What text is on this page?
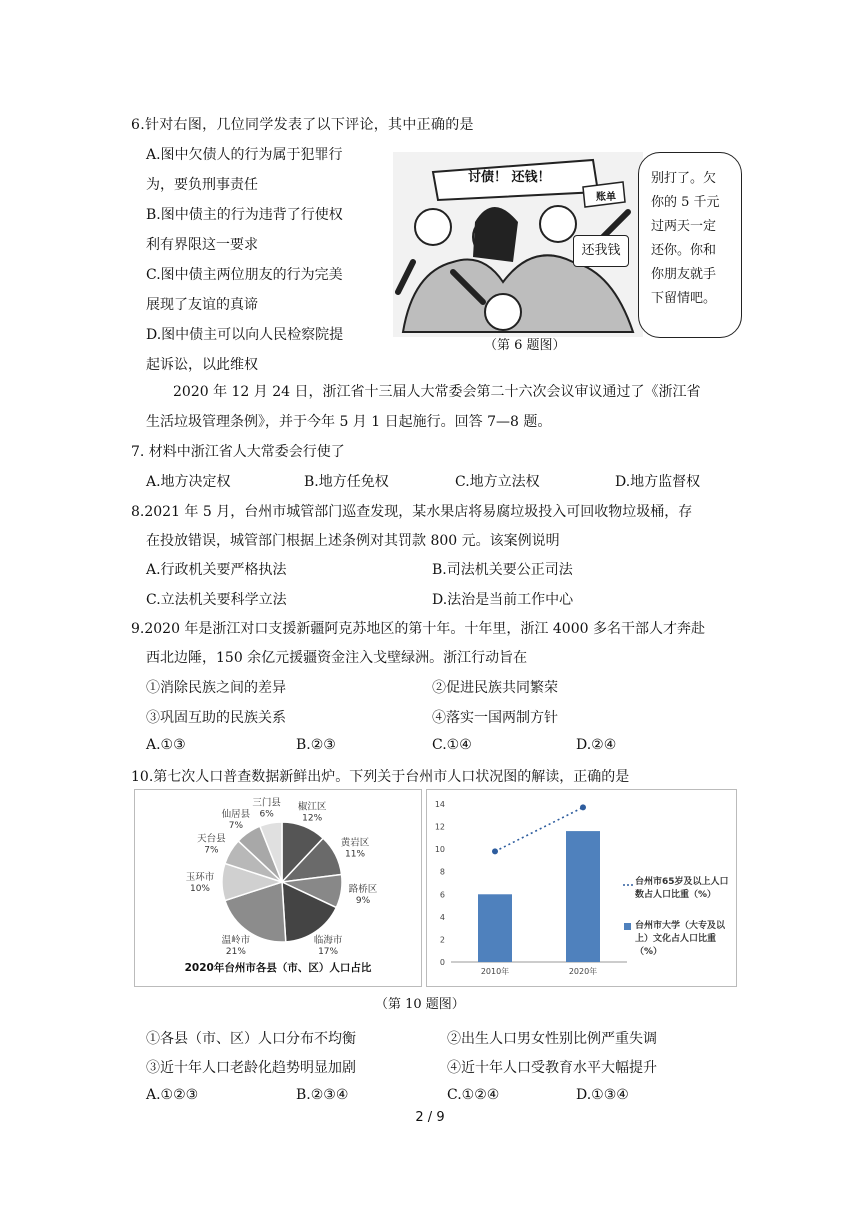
6.针对右图，几位同学发表了以下评论，其中正确的是
A.图中欠债人的行为属于犯罪行
为，要负刑事责任
B.图中债主的行为违背了行使权
利有界限这一要求
C.图中债主两位朋友的行为完美
展现了友谊的真谛
D.图中债主可以向人民检察院提
起诉讼，以此维权
讨债！ 还钱！
账单
还我钱
别打了。欠
你的 5 千元
过两天一定
还你。你和
你朋友就手
下留情吧。
（第 6 题图）
2020 年 12 月 24 日，浙江省十三届人大常委会第二十六次会议审议通过了《浙江省
生活垃圾管理条例》，并于今年 5 月 1 日起施行。回答 7—8 题。
7. 材料中浙江省人大常委会行使了
A.地方决定权	B.地方任免权	C.地方立法权	D.地方监督权
8.2021 年 5 月，台州市城管部门巡查发现，某水果店将易腐垃圾投入可回收物垃圾桶，存
在投放错误，城管部门根据上述条例对其罚款 800 元。该案例说明
A.行政机关要严格执法	B.司法机关要公正司法
C.立法机关要科学立法	D.法治是当前工作中心
9.2020 年是浙江对口支援新疆阿克苏地区的第十年。十年里，浙江 4000 多名干部人才奔赴
西北边陲，150 余亿元援疆资金注入戈壁绿洲。浙江行动旨在
①消除民族之间的差异	②促进民族共同繁荣
③巩固互助的民族关系	④落实一国两制方针
A.①③	B.②③	C.①④	D.②④
10.第七次人口普查数据新鲜出炉。下列关于台州市人口状况图的解读，正确的是
椒江区
12%
黄岩区
11%
路桥区
9%
临海市
17%
温岭市
21%
玉环市
10%
天台县
7%
仙居县
7%
三门县
6%
2020年台州市各县（市、区）人口占比	0
2
4
6
8
10
12
14
2010年	2020年
台州市65岁及以上人口数占人口比重（%）
台州市大学（大专及以上）文化占人口比重（%）
（第 10 题图）
①各县（市、区）人口分布不均衡	②出生人口男女性别比例严重失调
③近十年人口老龄化趋势明显加剧	④近十年人口受教育水平大幅提升
A.①②③	B.②③④	C.①②④	D.①③④
2 / 9
